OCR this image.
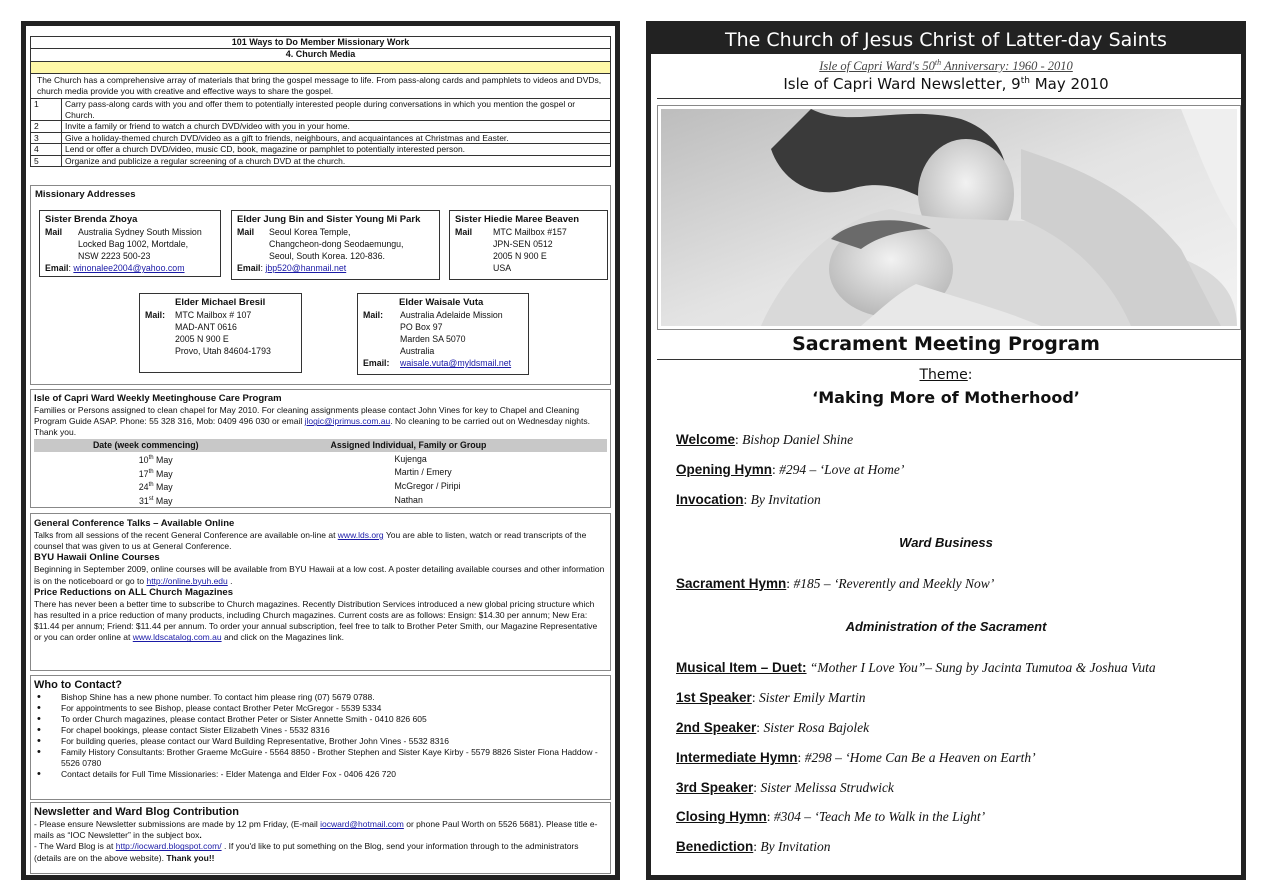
101 Ways to Do Member Missionary Work
4. Church Media
The Church has a comprehensive array of materials that bring the gospel message to life. From pass-along cards and pamphlets to videos and DVDs, church media provide you with creative and effective ways to share the gospel.
1	Carry pass-along cards with you and offer them to potentially interested people during conversations in which you mention the gospel or Church.
2	Invite a family or friend to watch a church DVD/video with you in your home.
3	Give a holiday-themed church DVD/video as a gift to friends, neighbours, and acquaintances at Christmas and Easter.
4	Lend or offer a church DVD/video, music CD, book, magazine or pamphlet to potentially interested person.
5	Organize and publicize a regular screening of a church DVD at the church.
Missionary Addresses
Sister Brenda Zhoya
Mail	Australia Sydney South Mission
Locked Bag 1002, Mortdale,
NSW 2223 500-23
Email: winonalee2004@yahoo.com
Elder Jung Bin and Sister Young Mi Park
Mail	Seoul Korea Temple,
Changcheon-dong Seodaemungu,
Seoul, South Korea. 120-836.
Email: jbp520@hanmail.net
Sister Hiedie Maree Beaven
Mail	MTC Mailbox #157
JPN-SEN 0512
2005 N 900 E
USA
Elder Michael Bresil
Mail:	MTC Mailbox # 107
MAD-ANT 0616
2005 N 900 E
Provo, Utah 84604-1793
Elder Waisale Vuta
Mail:	Australia Adelaide Mission
PO Box 97
Marden SA 5070
Australia
Email:	waisale.vuta@myldsmail.net
Isle of Capri Ward Weekly Meetinghouse Care Program
Families or Persons assigned to clean chapel for May 2010. For cleaning assignments please contact John Vines for key to Chapel and Cleaning Program Guide ASAP. Phone: 55 328 316, Mob: 0409 496 030 or email jlogic@iprimus.com.au. No cleaning to be carried out on Wednesday nights. Thank you.
Date (week commencing)	Assigned Individual, Family or Group
10th May	Kujenga
17th May	Martin / Emery
24th May	McGregor / Piripi
31st May	Nathan
General Conference Talks – Available Online
Talks from all sessions of the recent General Conference are available on-line at www.lds.org You are able to listen, watch or read transcripts of the counsel that was given to us at General Conference.
BYU Hawaii Online Courses
Beginning in September 2009, online courses will be available from BYU Hawaii at a low cost. A poster detailing available courses and other information is on the noticeboard or go to http://online.byuh.edu .
Price Reductions on ALL Church Magazines
There has never been a better time to subscribe to Church magazines. Recently Distribution Services introduced a new global pricing structure which has resulted in a price reduction of many products, including Church magazines. Current costs are as follows: Ensign: $14.30 per annum; New Era: $11.44 per annum; Friend: $11.44 per annum. To order your annual subscription, feel free to talk to Brother Peter Smith, our Magazine Representative or you can order online at www.ldscatalog.com.au and click on the Magazines link.
Who to Contact?
• Bishop Shine has a new phone number. To contact him please ring (07) 5679 0788.
• For appointments to see Bishop, please contact Brother Peter McGregor - 5539 5334
• To order Church magazines, please contact Brother Peter or Sister Annette Smith - 0410 826 605
• For chapel bookings, please contact Sister Elizabeth Vines - 5532 8316
• For building queries, please contact our Ward Building Representative, Brother John Vines - 5532 8316
• Family History Consultants: Brother Graeme McGuire - 5564 8850 - Brother Stephen and Sister Kaye Kirby - 5579 8826 Sister Fiona Haddow - 5526 0780
• Contact details for Full Time Missionaries: - Elder Matenga and Elder Fox - 0406 426 720
Newsletter and Ward Blog Contribution
- Please ensure Newsletter submissions are made by 12 pm Friday, (E-mail iocward@hotmail.com or phone Paul Worth on 5526 5681). Please title e-mails as “IOC Newsletter” in the subject box.
- The Ward Blog is at http://iocward.blogspot.com/ . If you'd like to put something on the Blog, send your information through to the administrators (details are on the above website). Thank you!!
The Church of Jesus Christ of Latter-day Saints
Isle of Capri Ward's 50th Anniversary: 1960 - 2010
Isle of Capri Ward Newsletter, 9th May 2010
Sacrament Meeting Program
Theme:
‘Making More of Motherhood’
Welcome: Bishop Daniel Shine
Opening Hymn: #294 – ‘Love at Home’
Invocation: By Invitation
Ward Business
Sacrament Hymn: #185 – ‘Reverently and Meekly Now’
Administration of the Sacrament
Musical Item – Duet: “Mother I Love You”– Sung by Jacinta Tumutoa & Joshua Vuta
1st Speaker: Sister Emily Martin
2nd Speaker: Sister Rosa Bajolek
Intermediate Hymn: #298 – ‘Home Can Be a Heaven on Earth’
3rd Speaker: Sister Melissa Strudwick
Closing Hymn: #304 – ‘Teach Me to Walk in the Light’
Benediction: By Invitation
